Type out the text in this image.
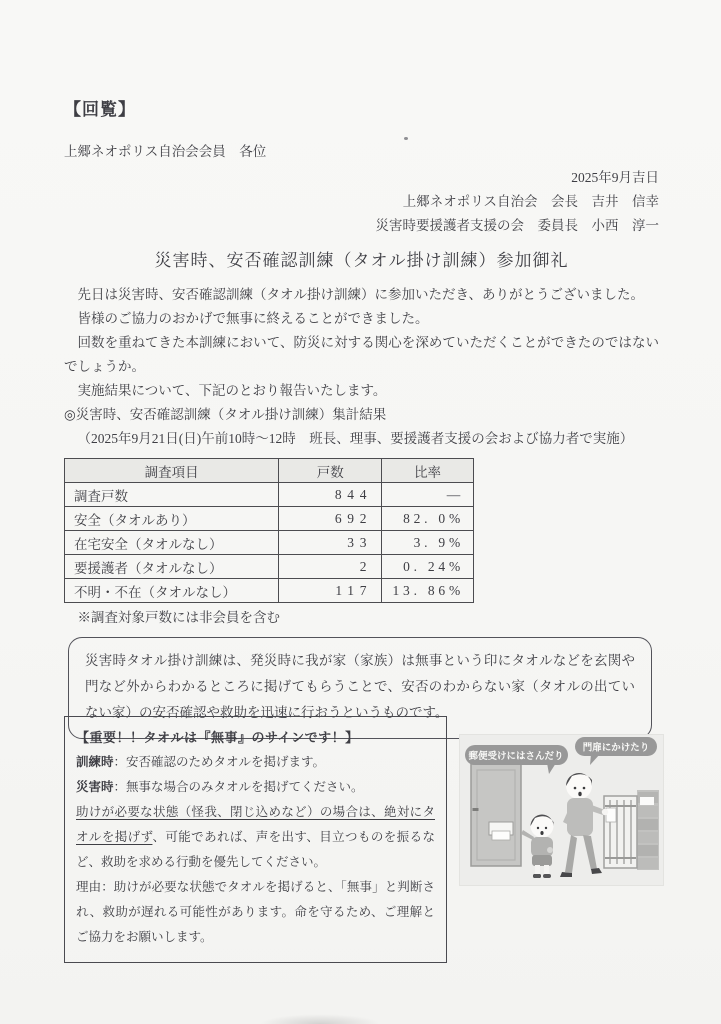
【回覧】
上郷ネオポリス自治会会員　各位
2025年9月吉日
上郷ネオポリス自治会　会長　吉井　信幸
災害時要援護者支援の会　委員長　小西　淳一
災害時、安否確認訓練（タオル掛け訓練）参加御礼

先日は災害時、安否確認訓練（タオル掛け訓練）に参加いただき、ありがとうございました。

皆様のご協力のおかげで無事に終えることができました。

回数を重ねてきた本訓練において、防災に対する関心を深めていただくことができたのではないでしょうか。

実施結果について、下記のとおり報告いたします。

◎災害時、安否確認訓練（タオル掛け訓練）集計結果
（2025年9月21日(日)午前10時～12時　班長、理事、要援護者支援の会および協力者で実施）
調査項目	戸数	比率
調査戸数	844	―
安全（タオルあり）	692	82. 0%
在宅安全（タオルなし）	33	3. 9%
要援護者（タオルなし）	2	0. 24%
不明・不在（タオルなし）	117	13. 86%
※調査対象戸数には非会員を含む
災害時タオル掛け訓練は、発災時に我が家（家族）は無事という印にタオルなどを玄関や門など外からわかるところに掲げてもらうことで、安否のわからない家（タオルの出ていない家）の安否確認や救助を迅速に行おうというものです。
【重要！！タオルは『無事』のサインです！】
訓練時：安否確認のためタオルを掲げます。
災害時：無事な場合のみタオルを掲げてください。
助けが必要な状態（怪我、閉じ込めなど）の場合は、絶対にタオルを掲げず、可能であれば、声を出す、目立つものを振るなど、救助を求める行動を優先してください。
理由：助けが必要な状態でタオルを掲げると、「無事」と判断され、救助が遅れる可能性があります。命を守るため、ご理解とご協力をお願いします。
郵便受けにはさんだり
門扉にかけたり
